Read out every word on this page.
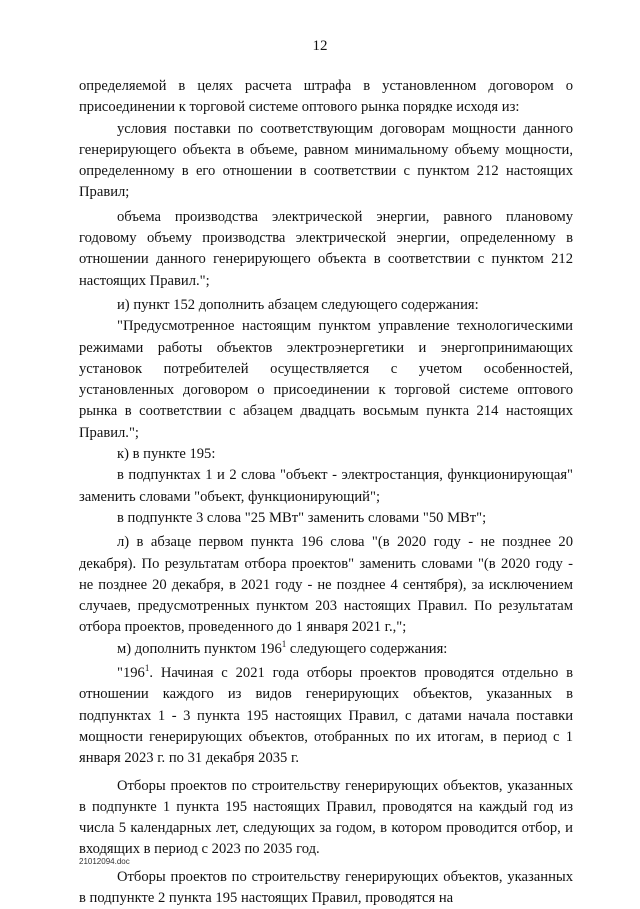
12

определяемой в целях расчета штрафа в установленном договором о присоединении к торговой системе оптового рынка порядке исходя из:

условия поставки по соответствующим договорам мощности данного генерирующего объекта в объеме, равном минимальному объему мощности, определенному в его отношении в соответствии с пунктом 212 настоящих Правил;

объема производства электрической энергии, равного плановому годовому объему производства электрической энергии, определенному в отношении данного генерирующего объекта в соответствии с пунктом 212 настоящих Правил.";

и) пункт 152 дополнить абзацем следующего содержания:

"Предусмотренное настоящим пунктом управление технологическими режимами работы объектов электроэнергетики и энергопринимающих установок потребителей осуществляется с учетом особенностей, установленных договором о присоединении к торговой системе оптового рынка в соответствии с абзацем двадцать восьмым пункта 214 настоящих Правил.";

к) в пункте 195:

в подпунктах 1 и 2 слова "объект - электростанция, функционирующая" заменить словами "объект, функционирующий";

в подпункте 3 слова "25 МВт" заменить словами "50 МВт";

л) в абзаце первом пункта 196 слова "(в 2020 году - не позднее 20 декабря). По результатам отбора проектов" заменить словами "(в 2020 году - не позднее 20 декабря, в 2021 году - не позднее 4 сентября), за исключением случаев, предусмотренных пунктом 203 настоящих Правил. По результатам отбора проектов, проведенного до 1 января 2021 г.,";

м) дополнить пунктом $196^1$ следующего содержания:

"$196^1$. Начиная с 2021 года отборы проектов проводятся отдельно в отношении каждого из видов генерирующих объектов, указанных в подпунктах 1 - 3 пункта 195 настоящих Правил, с датами начала поставки мощности генерирующих объектов, отобранных по их итогам, в период с 1 января 2023 г. по 31 декабря 2035 г.

Отборы проектов по строительству генерирующих объектов, указанных в подпункте 1 пункта 195 настоящих Правил, проводятся на каждый год из числа 5 календарных лет, следующих за годом, в котором проводится отбор, и входящих в период с 2023 по 2035 год.

Отборы проектов по строительству генерирующих объектов, указанных в подпункте 2 пункта 195 настоящих Правил, проводятся на

21012094.doc
